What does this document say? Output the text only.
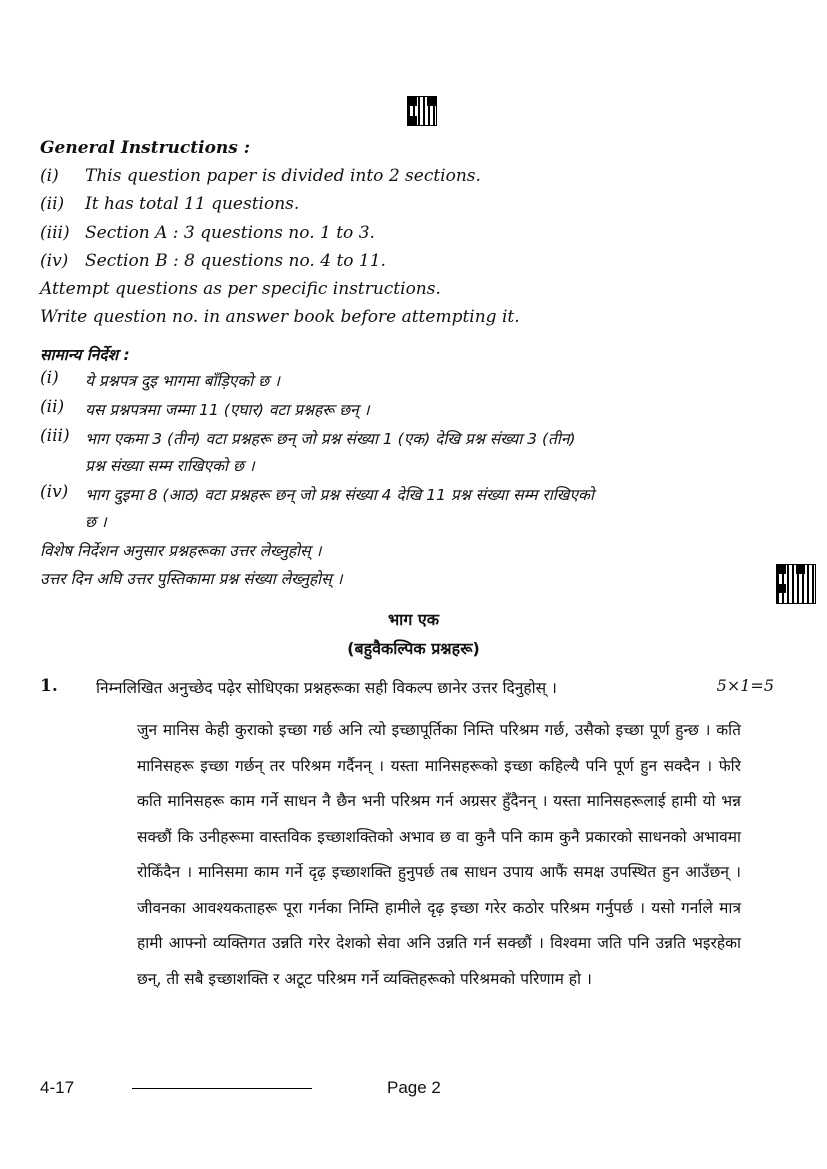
General Instructions :
(i) This question paper is divided into 2 sections.
(ii) It has total 11 questions.
(iii) Section A : 3 questions no. 1 to 3.
(iv) Section B : 8 questions no. 4 to 11.
Attempt questions as per specific instructions.
Write question no. in answer book before attempting it.
सामान्य निर्देश :
(i) ये प्रश्नपत्र दुइ भागमा बाँड़िएको छ ।
(ii) यस प्रश्नपत्रमा जम्मा 11 (एघार) वटा प्रश्नहरू छन् ।
(iii) भाग एकमा 3 (तीन) वटा प्रश्नहरू छन् जो प्रश्न संख्या 1 (एक) देखि प्रश्न संख्या 3 (तीन)
प्रश्न संख्या सम्म राखिएको छ ।
(iv) भाग दुइमा 8 (आठ) वटा प्रश्नहरू छन् जो प्रश्न संख्या 4 देखि 11 प्रश्न संख्या सम्म राखिएको
छ ।
विशेष निर्देशन अनुसार प्रश्नहरूका उत्तर लेख्नुहोस् ।
उत्तर दिन अघि उत्तर पुस्तिकामा प्रश्न संख्या लेख्नुहोस् ।
भाग एक
(बहुवैकल्पिक प्रश्नहरू)
1. निम्नलिखित अनुच्छेद पढ़ेर सोधिएका प्रश्नहरूका सही विकल्प छानेर उत्तर दिनुहोस् ।	5×1=5
जुन मानिस केही कुराको इच्छा गर्छ अनि त्यो इच्छापूर्तिका निम्ति परिश्रम गर्छ, उसैको इच्छा पूर्ण हुन्छ । कति मानिसहरू इच्छा गर्छन् तर परिश्रम गर्दैनन् । यस्ता मानिसहरूको इच्छा कहिल्यै पनि पूर्ण हुन सक्दैन । फेरि कति मानिसहरू काम गर्ने साधन नै छैन भनी परिश्रम गर्न अग्रसर हुँदैनन् । यस्ता मानिसहरूलाई हामी यो भन्न सक्छौं कि उनीहरूमा वास्तविक इच्छाशक्तिको अभाव छ वा कुनै पनि काम कुनै प्रकारको साधनको अभावमा रोकिँदैन । मानिसमा काम गर्ने दृढ़ इच्छाशक्ति हुनुपर्छ तब साधन उपाय आफैं समक्ष उपस्थित हुन आउँछन् । जीवनका आवश्यकताहरू पूरा गर्नका निम्ति हामीले दृढ़ इच्छा गरेर कठोर परिश्रम गर्नुपर्छ । यसो गर्नाले मात्र हामी आफ्नो व्यक्तिगत उन्नति गरेर देशको सेवा अनि उन्नति गर्न सक्छौं । विश्वमा जति पनि उन्नति भइरहेका छन्, ती सबै इच्छाशक्ति र अटूट परिश्रम गर्ने व्यक्तिहरूको परिश्रमको परिणाम हो ।
4-17	Page 2
